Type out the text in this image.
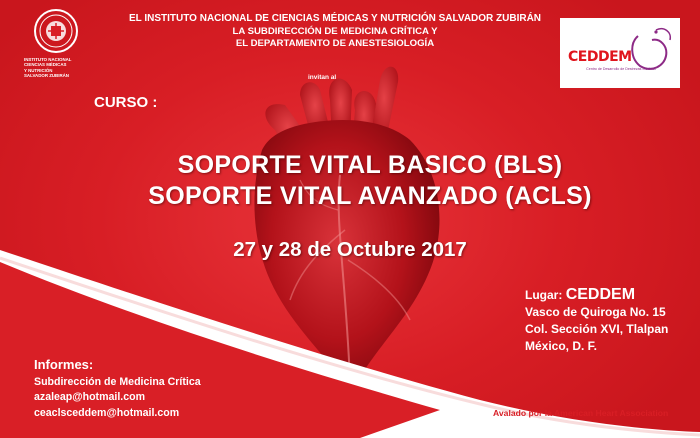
INSTITUTO NACIONAL
CIENCIAS MÉDICAS
Y NUTRICIÓN
SALVADOR ZUBIRÁN
EL INSTITUTO NACIONAL DE CIENCIAS MÉDICAS Y NUTRICIÓN SALVADOR ZUBIRÁN
LA SUBDIRECCIÓN DE MEDICINA CRÍTICA Y
EL DEPARTAMENTO DE ANESTESIOLOGÍA
invitan al
CEDDEM
Centro de Desarrollo de Destrezas Médicas
CURSO :
SOPORTE VITAL BASICO (BLS)
SOPORTE VITAL AVANZADO (ACLS)
27 y 28 de Octubre 2017
Lugar: CEDDEM
Vasco de Quiroga No. 15
Col. Sección XVI, Tlalpan
México, D. F.
Informes:
Subdirección de Medicina Crítica
azaleap@hotmail.com
ceaclsceddem@hotmail.com	Avalado por la American Heart Association
